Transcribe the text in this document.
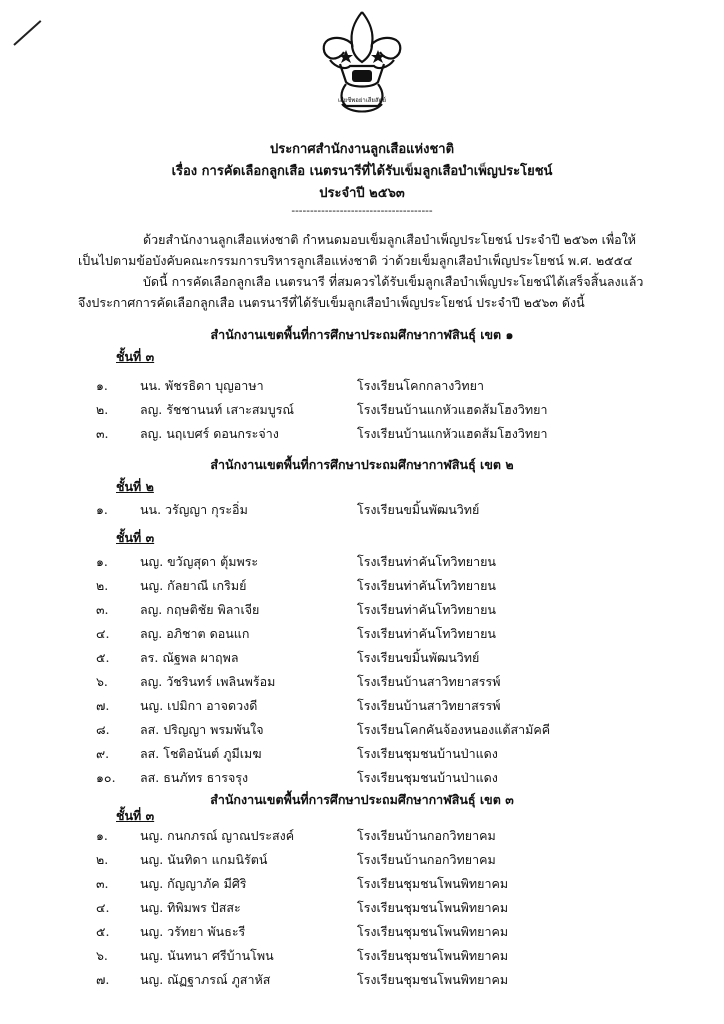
เสียชีพอย่าเสียสัตย์
ประกาศสำนักงานลูกเสือแห่งชาติ
เรื่อง การคัดเลือกลูกเสือ เนตรนารีที่ได้รับเข็มลูกเสือบำเพ็ญประโยชน์
ประจำปี ๒๕๖๓
--------------------------------------
ด้วยสำนักงานลูกเสือแห่งชาติ กำหนดมอบเข็มลูกเสือบำเพ็ญประโยชน์ ประจำปี ๒๕๖๓ เพื่อให้
เป็นไปตามข้อบังคับคณะกรรมการบริหารลูกเสือแห่งชาติ ว่าด้วยเข็มลูกเสือบำเพ็ญประโยชน์ พ.ศ. ๒๕๕๔
บัดนี้ การคัดเลือกลูกเสือ เนตรนารี ที่สมควรได้รับเข็มลูกเสือบำเพ็ญประโยชน์ได้เสร็จสิ้นลงแล้ว
จึงประกาศการคัดเลือกลูกเสือ เนตรนารีที่ได้รับเข็มลูกเสือบำเพ็ญประโยชน์ ประจำปี ๒๕๖๓ ดังนี้
สำนักงานเขตพื้นที่การศึกษาประถมศึกษากาฬสินธุ์ เขต ๑
ชั้นที่ ๓
๑.	นน. พัชรธิดา บุญอาษา	โรงเรียนโคกกลางวิทยา
๒.	ลญ. รัชชานนท์ เสาะสมบูรณ์	โรงเรียนบ้านแกหัวแฮดส้มโฮงวิทยา
๓.	ลญ. นฤเบศร์ ดอนกระจ่าง	โรงเรียนบ้านแกหัวแฮดส้มโฮงวิทยา
สำนักงานเขตพื้นที่การศึกษาประถมศึกษากาฬสินธุ์ เขต ๒
ชั้นที่ ๒
๑.	นน. วรัญญา กุระอิ่ม	โรงเรียนขมิ้นพัฒนวิทย์
ชั้นที่ ๓
๑.	นญ. ขวัญสุดา ตุ้มพระ	โรงเรียนท่าคันโทวิทยายน
๒.	นญ. กัลยาณี เกริมย์	โรงเรียนท่าคันโทวิทยายน
๓.	ลญ. กฤษติชัย พิลาเจีย	โรงเรียนท่าคันโทวิทยายน
๔.	ลญ. อภิชาต ดอนแก	โรงเรียนท่าคันโทวิทยายน
๕.	ลร. ณัฐพล ผาฤพล	โรงเรียนขมิ้นพัฒนวิทย์
๖.	ลญ. วัชรินทร์ เพลินพร้อม	โรงเรียนบ้านสาวิทยาสรรพ์
๗.	นญ. เปมิกา อาจดวงดี	โรงเรียนบ้านสาวิทยาสรรพ์
๘.	ลส. ปริญญา พรมพันใจ	โรงเรียนโคกคันจ้องหนองแต้สามัคคี
๙.	ลส. โชติอนันต์ ภูมีเมฆ	โรงเรียนชุมชนบ้านป่าแดง
๑๐.	ลส. ธนภัทร ธารจรุง	โรงเรียนชุมชนบ้านป่าแดง
สำนักงานเขตพื้นที่การศึกษาประถมศึกษากาฬสินธุ์ เขต ๓
ชั้นที่ ๓
๑.	นญ. กนกภรณ์ ญาณประสงค์	โรงเรียนบ้านกอกวิทยาคม
๒.	นญ. นันทิดา แกมนิรัตน์	โรงเรียนบ้านกอกวิทยาคม
๓.	นญ. กัญญาภัค มีศิริ	โรงเรียนชุมชนโพนพิทยาคม
๔.	นญ. ทิพิมพร ปัสสะ	โรงเรียนชุมชนโพนพิทยาคม
๕.	นญ. วรัทยา พันธะรี	โรงเรียนชุมชนโพนพิทยาคม
๖.	นญ. นันทนา ศรีบ้านโพน	โรงเรียนชุมชนโพนพิทยาคม
๗.	นญ. ณัฏฐาภรณ์ ภูสาหัส	โรงเรียนชุมชนโพนพิทยาคม
